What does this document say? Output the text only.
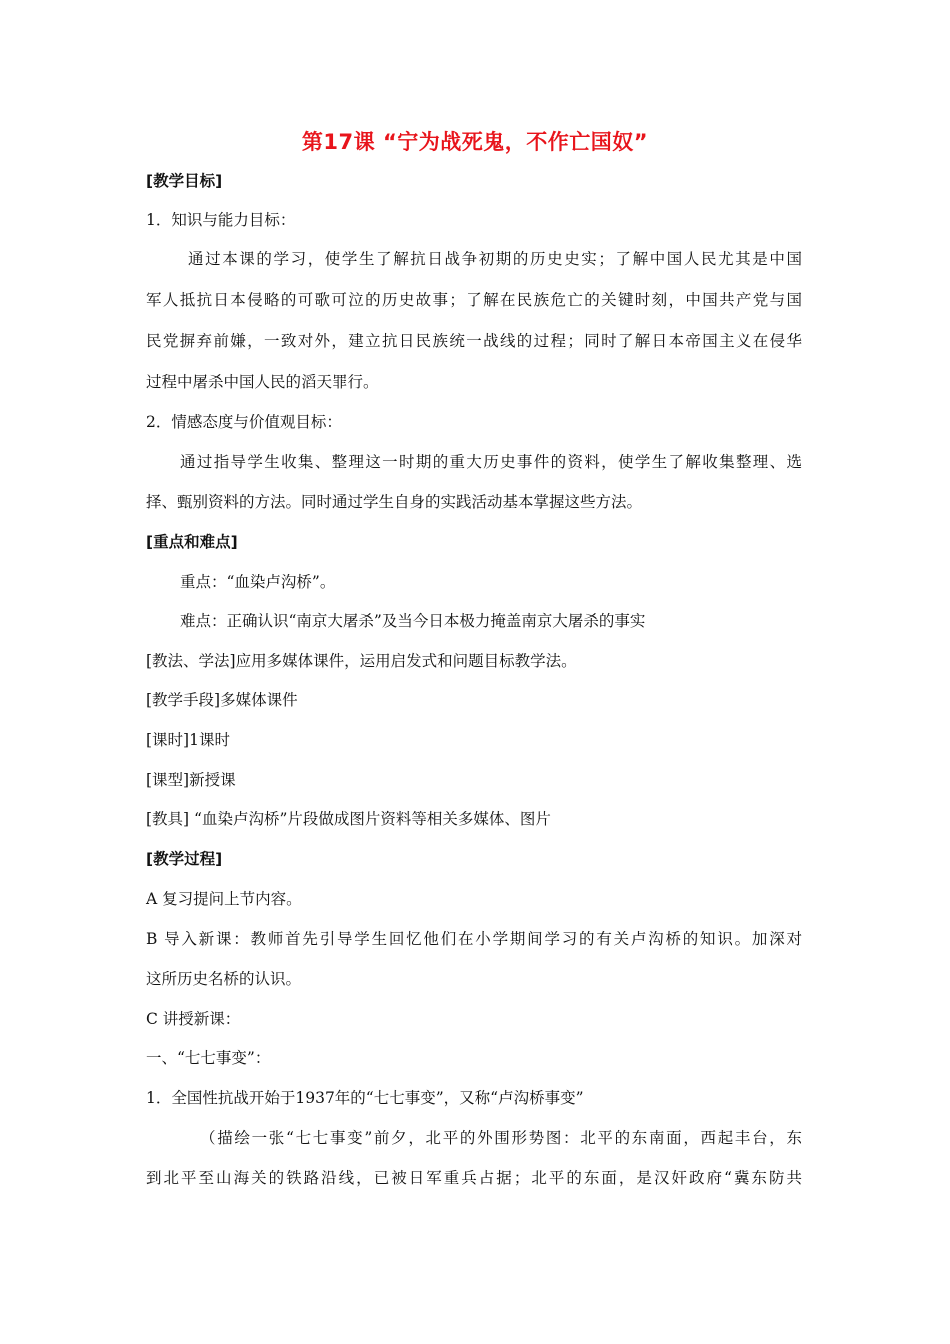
第17课 “宁为战死鬼，不作亡国奴”
[教学目标]
1．知识与能力目标：
通过本课的学习，使学生了解抗日战争初期的历史史实；了解中国人民尤其是中国
军人抵抗日本侵略的可歌可泣的历史故事；了解在民族危亡的关键时刻，中国共产党与国
民党摒弃前嫌，一致对外，建立抗日民族统一战线的过程；同时了解日本帝国主义在侵华
过程中屠杀中国人民的滔天罪行。
2．情感态度与价值观目标：
通过指导学生收集、整理这一时期的重大历史事件的资料，使学生了解收集整理、选
择、甄别资料的方法。同时通过学生自身的实践活动基本掌握这些方法。
[重点和难点]
重点：“血染卢沟桥”。
难点：正确认识“南京大屠杀”及当今日本极力掩盖南京大屠杀的事实
[教法、学法]应用多媒体课件，运用启发式和问题目标教学法。
[教学手段]多媒体课件
[课时]1课时
[课型]新授课
[教具] “血染卢沟桥”片段做成图片资料等相关多媒体、图片
[教学过程]
A 复习提问上节内容。
B 导入新课：教师首先引导学生回忆他们在小学期间学习的有关卢沟桥的知识。加深对
这所历史名桥的认识。
C 讲授新课：
一、“七七事变”：
1．全国性抗战开始于1937年的“七七事变”，又称“卢沟桥事变”
（描绘一张“七七事变”前夕，北平的外围形势图：北平的东南面，西起丰台，东
到北平至山海关的铁路沿线，已被日军重兵占据；北平的东面，是汉奸政府“冀东防共
